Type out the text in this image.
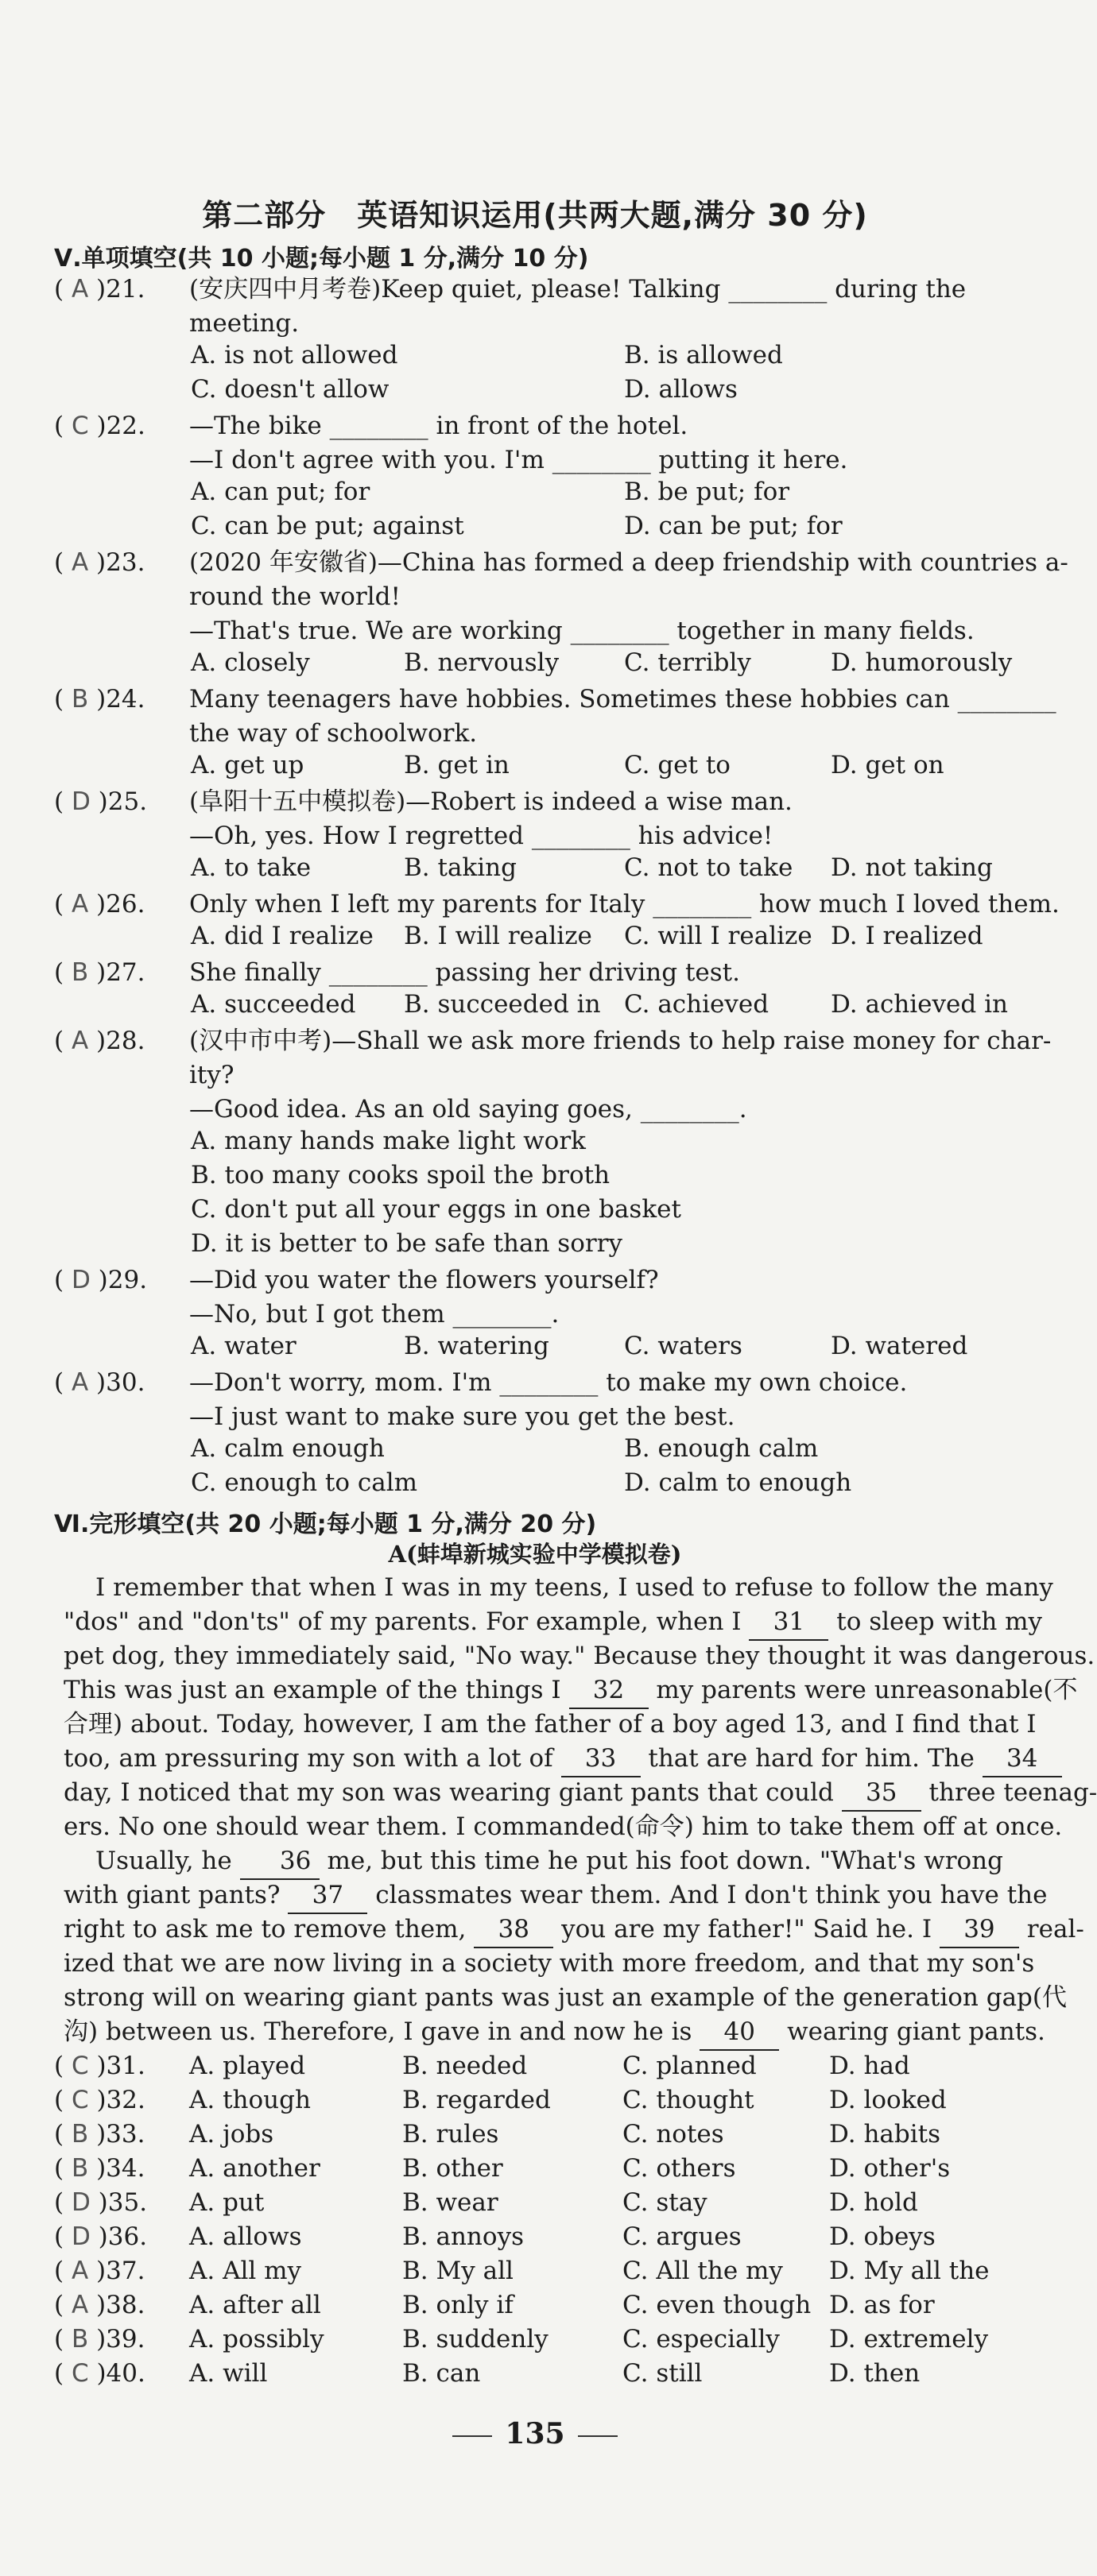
第二部分　英语知识运用(共两大题,满分 30 分)
Ⅴ.单项填空(共 10 小题;每小题 1 分,满分 10 分)
( A )21.	(安庆四中月考卷)Keep quiet, please! Talking ________ during the
meeting.
A. is not allowed	B. is allowed
C. doesn't allow	D. allows
( C )22.	—The bike ________ in front of the hotel.
—I don't agree with you. I'm ________ putting it here.
A. can put; for	B. be put; for
C. can be put; against	D. can be put; for
( A )23.	(2020 年安徽省)—China has formed a deep friendship with countries a-
round the world!
—That's true. We are working ________ together in many fields.
A. closely	B. nervously	C. terribly	D. humorously
( B )24.	Many teenagers have hobbies. Sometimes these hobbies can ________
the way of schoolwork.
A. get up	B. get in	C. get to	D. get on
( D )25.	(阜阳十五中模拟卷)—Robert is indeed a wise man.
—Oh, yes. How I regretted ________ his advice!
A. to take	B. taking	C. not to take D. not taking
( A )26.	Only when I left my parents for Italy ________ how much I loved them.
A. did I realize B. I will realize C. will I realize D. I realized
( B )27.	She finally ________ passing her driving test.
A. succeeded B. succeeded in C. achieved	D. achieved in
( A )28.	(汉中市中考)—Shall we ask more friends to help raise money for char-
ity?
—Good idea. As an old saying goes, ________.
A. many hands make light work
B. too many cooks spoil the broth
C. don't put all your eggs in one basket
D. it is better to be safe than sorry
( D )29.	—Did you water the flowers yourself?
—No, but I got them ________.
A. water	B. watering	C. waters	D. watered
( A )30.	—Don't worry, mom. I'm ________ to make my own choice.
—I just want to make sure you get the best.
A. calm enough	B. enough calm
C. enough to calm	D. calm to enough
Ⅵ.完形填空(共 20 小题;每小题 1 分,满分 20 分)
A(蚌埠新城实验中学模拟卷)
I remember that when I was in my teens, I used to refuse to follow the many
"dos" and "don'ts" of my parents. For example, when I 31 to sleep with my
pet dog, they immediately said, "No way." Because they thought it was dangerous.
This was just an example of the things I 32 my parents were unreasonable(不
合理) about. Today, however, I am the father of a boy aged 13, and I find that I
too, am pressuring my son with a lot of 33 that are hard for him. The 34
day, I noticed that my son was wearing giant pants that could 35 three teenag-
ers. No one should wear them. I commanded(命令) him to take them off at once.
Usually, he 36 me, but this time he put his foot down. "What's wrong
with giant pants? 37 classmates wear them. And I don't think you have the
right to ask me to remove them, 38 you are my father!" Said he. I 39 real-
ized that we are now living in a society with more freedom, and that my son's
strong will on wearing giant pants was just an example of the generation gap(代
沟) between us. Therefore, I gave in and now he is 40 wearing giant pants.
( C )31.	A. played	B. needed	C. planned	D. had
( C )32.	A. though	B. regarded	C. thought	D. looked
( B )33.	A. jobs	B. rules	C. notes	D. habits
( B )34.	A. another	B. other	C. others	D. other's
( D )35.	A. put	B. wear	C. stay	D. hold
( D )36.	A. allows	B. annoys	C. argues	D. obeys
( A )37.	A. All my	B. My all	C. All the my D. My all the
( A )38.	A. after all	B. only if	C. even though D. as for
( B )39.	A. possibly	B. suddenly	C. especially D. extremely
( C )40.	A. will	B. can	C. still	D. then
135
